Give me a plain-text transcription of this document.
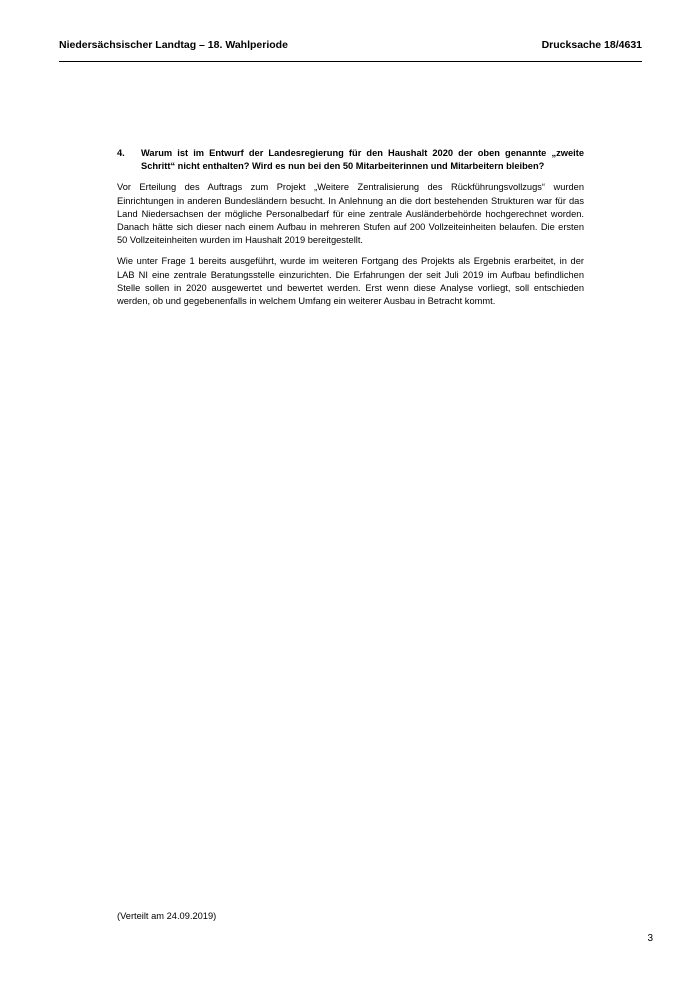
Niedersächsischer Landtag – 18. Wahlperiode	Drucksache 18/4631
4.	Warum ist im Entwurf der Landesregierung für den Haushalt 2020 der oben genannte „zweite Schritt“ nicht enthalten? Wird es nun bei den 50 Mitarbeiterinnen und Mitarbeitern bleiben?

Vor Erteilung des Auftrags zum Projekt „Weitere Zentralisierung des Rückführungsvollzugs“ wurden Einrichtungen in anderen Bundesländern besucht. In Anlehnung an die dort bestehenden Strukturen war für das Land Niedersachsen der mögliche Personalbedarf für eine zentrale Ausländerbehörde hochgerechnet worden. Danach hätte sich dieser nach einem Aufbau in mehreren Stufen auf 200 Vollzeiteinheiten belaufen. Die ersten 50 Vollzeiteinheiten wurden im Haushalt 2019 bereitgestellt.

Wie unter Frage 1 bereits ausgeführt, wurde im weiteren Fortgang des Projekts als Ergebnis erarbeitet, in der LAB NI eine zentrale Beratungsstelle einzurichten. Die Erfahrungen der seit Juli 2019 im Aufbau befindlichen Stelle sollen in 2020 ausgewertet und bewertet werden. Erst wenn diese Analyse vorliegt, soll entschieden werden, ob und gegebenenfalls in welchem Umfang ein weiterer Ausbau in Betracht kommt.

(Verteilt am 24.09.2019)
3
